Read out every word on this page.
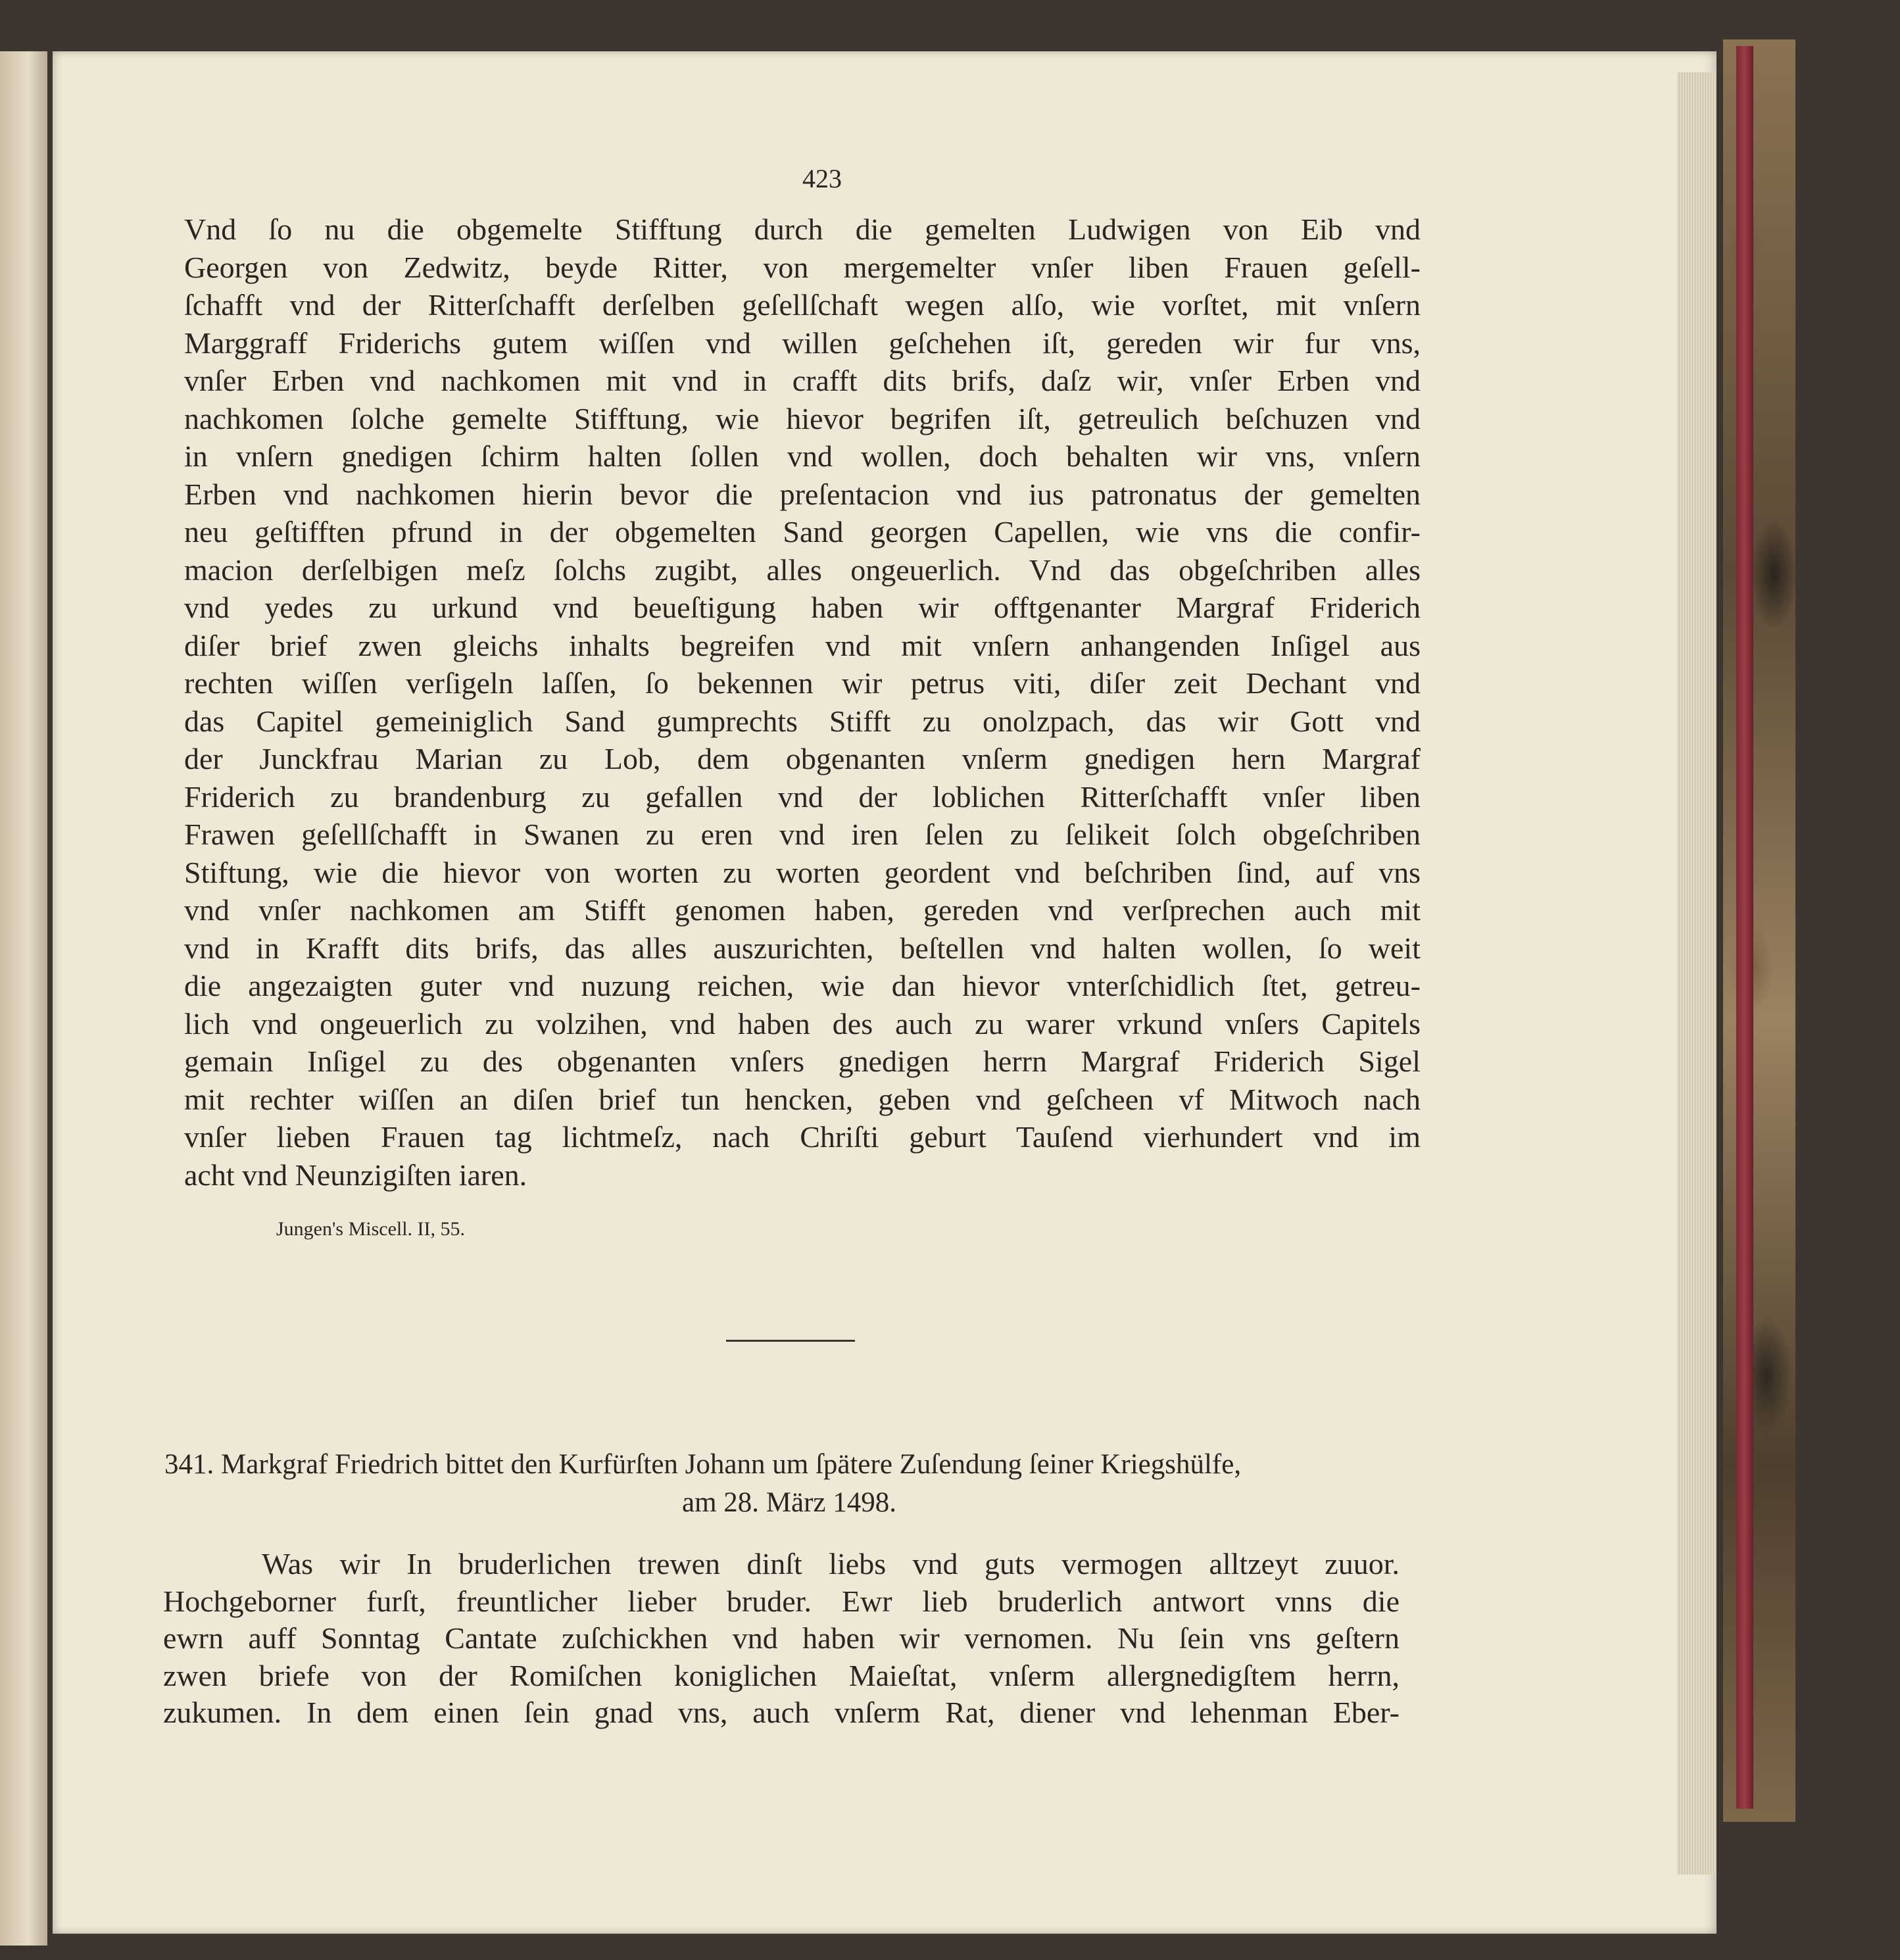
423
Vnd ſo nu die obgemelte Stifftung durch die gemelten Ludwigen von Eib vnd
Georgen von Zedwitz, beyde Ritter, von mergemelter vnſer liben Frauen geſell-
ſchafft vnd der Ritterſchafft derſelben geſellſchaft wegen alſo, wie vorſtet, mit vnſern
Marggraff Friderichs gutem wiſſen vnd willen geſchehen iſt, gereden wir fur vns,
vnſer Erben vnd nachkomen mit vnd in crafft dits brifs, daſz wir, vnſer Erben vnd
nachkomen ſolche gemelte Stifftung, wie hievor begrifen iſt, getreulich beſchuzen vnd
in vnſern gnedigen ſchirm halten ſollen vnd wollen, doch behalten wir vns, vnſern
Erben vnd nachkomen hierin bevor die preſentacion vnd ius patronatus der gemelten
neu geſtifften pfrund in der obgemelten Sand georgen Capellen, wie vns die confir-
macion derſelbigen meſz ſolchs zugibt, alles ongeuerlich. Vnd das obgeſchriben alles
vnd yedes zu urkund vnd beueſtigung haben wir offtgenanter Margraf Friderich
diſer brief zwen gleichs inhalts begreifen vnd mit vnſern anhangenden Inſigel aus
rechten wiſſen verſigeln laſſen, ſo bekennen wir petrus viti, diſer zeit Dechant vnd
das Capitel gemeiniglich Sand gumprechts Stifft zu onolzpach, das wir Gott vnd
der Junckfrau Marian zu Lob, dem obgenanten vnſerm gnedigen hern Margraf
Friderich zu brandenburg zu gefallen vnd der loblichen Ritterſchafft vnſer liben
Frawen geſellſchafft in Swanen zu eren vnd iren ſelen zu ſelikeit ſolch obgeſchriben
Stiftung, wie die hievor von worten zu worten geordent vnd beſchriben ſind, auf vns
vnd vnſer nachkomen am Stifft genomen haben, gereden vnd verſprechen auch mit
vnd in Krafft dits brifs, das alles auszurichten, beſtellen vnd halten wollen, ſo weit
die angezaigten guter vnd nuzung reichen, wie dan hievor vnterſchidlich ſtet, getreu-
lich vnd ongeuerlich zu volzihen, vnd haben des auch zu warer vrkund vnſers Capitels
gemain Inſigel zu des obgenanten vnſers gnedigen herrn Margraf Friderich Sigel
mit rechter wiſſen an diſen brief tun hencken, geben vnd geſcheen vf Mitwoch nach
vnſer lieben Frauen tag lichtmeſz, nach Chriſti geburt Tauſend vierhundert vnd im
acht vnd Neunzigiſten iaren.
Jungen's Miscell. II, 55.
341. Markgraf Friedrich bittet den Kurfürſten Johann um ſpätere Zuſendung ſeiner Kriegshülfe,
am 28. März 1498.
Was wir In bruderlichen trewen dinſt liebs vnd guts vermogen alltzeyt zuuor.
Hochgeborner furſt, freuntlicher lieber bruder. Ewr lieb bruderlich antwort vnns die
ewrn auff Sonntag Cantate zuſchickhen vnd haben wir vernomen. Nu ſein vns geſtern
zwen briefe von der Romiſchen koniglichen Maieſtat, vnſerm allergnedigſtem herrn,
zukumen. In dem einen ſein gnad vns, auch vnſerm Rat, diener vnd lehenman Eber-
